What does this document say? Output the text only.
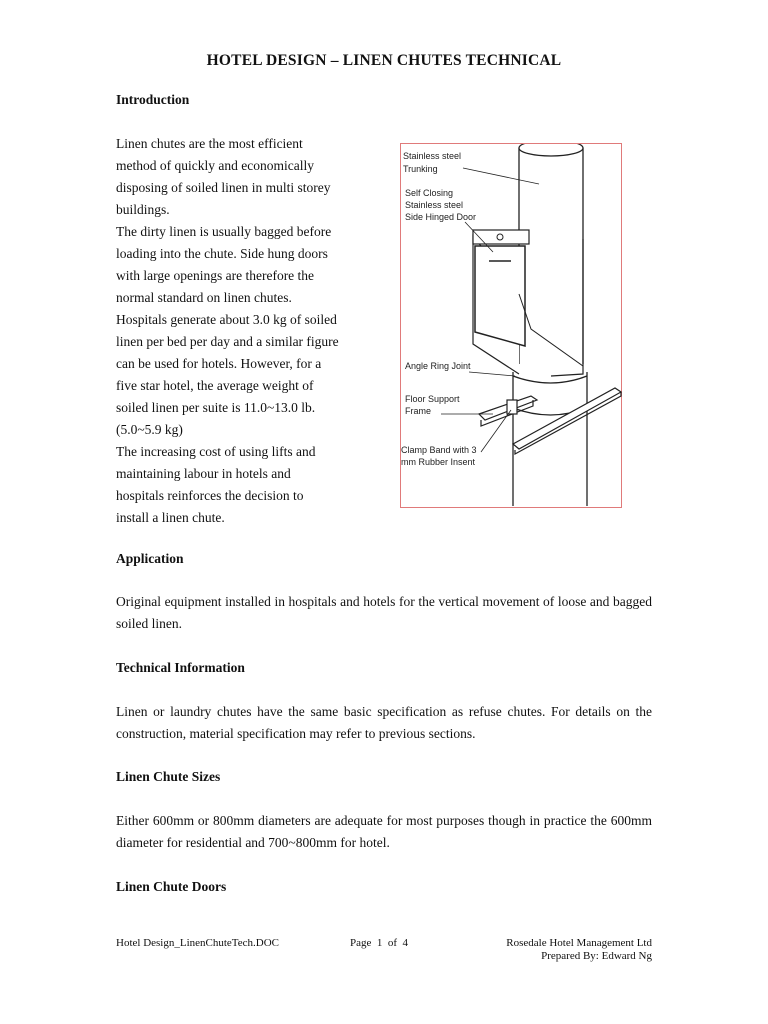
HOTEL DESIGN – LINEN CHUTES TECHNICAL
Introduction
Linen chutes are the most efficient
method of quickly and economically
disposing of soiled linen in multi storey
buildings.
The dirty linen is usually bagged before
loading into the chute. Side hung doors
with large openings are therefore the
normal standard on linen chutes.
Hospitals generate about 3.0 kg of soiled
linen per bed per day and a similar figure
can be used for hotels. However, for a
five star hotel, the average weight of
soiled linen per suite is 11.0~13.0 lb.
(5.0~5.9 kg)
The increasing cost of using lifts and
maintaining labour in hotels and
hospitals reinforces the decision to
install a linen chute.
Stainless steel
Trunking
Self Closing
Stainless steel
Side Hinged Door
Angle Ring Joint
Floor Support
Frame
Clamp Band with 3
mm Rubber Insent
Application

Original equipment installed in hospitals and hotels for the vertical movement of loose and bagged soiled linen.

Technical Information

Linen or laundry chutes have the same basic specification as refuse chutes. For details on the construction, material specification may refer to previous sections.

Linen Chute Sizes

Either 600mm or 800mm diameters are adequate for most purposes though in practice the 600mm diameter for residential and 700~800mm for hotel.

Linen Chute Doors
Hotel Design_LinenChuteTech.DOC	Page  1  of  4	Rosedale Hotel Management Ltd
Prepared By: Edward Ng
